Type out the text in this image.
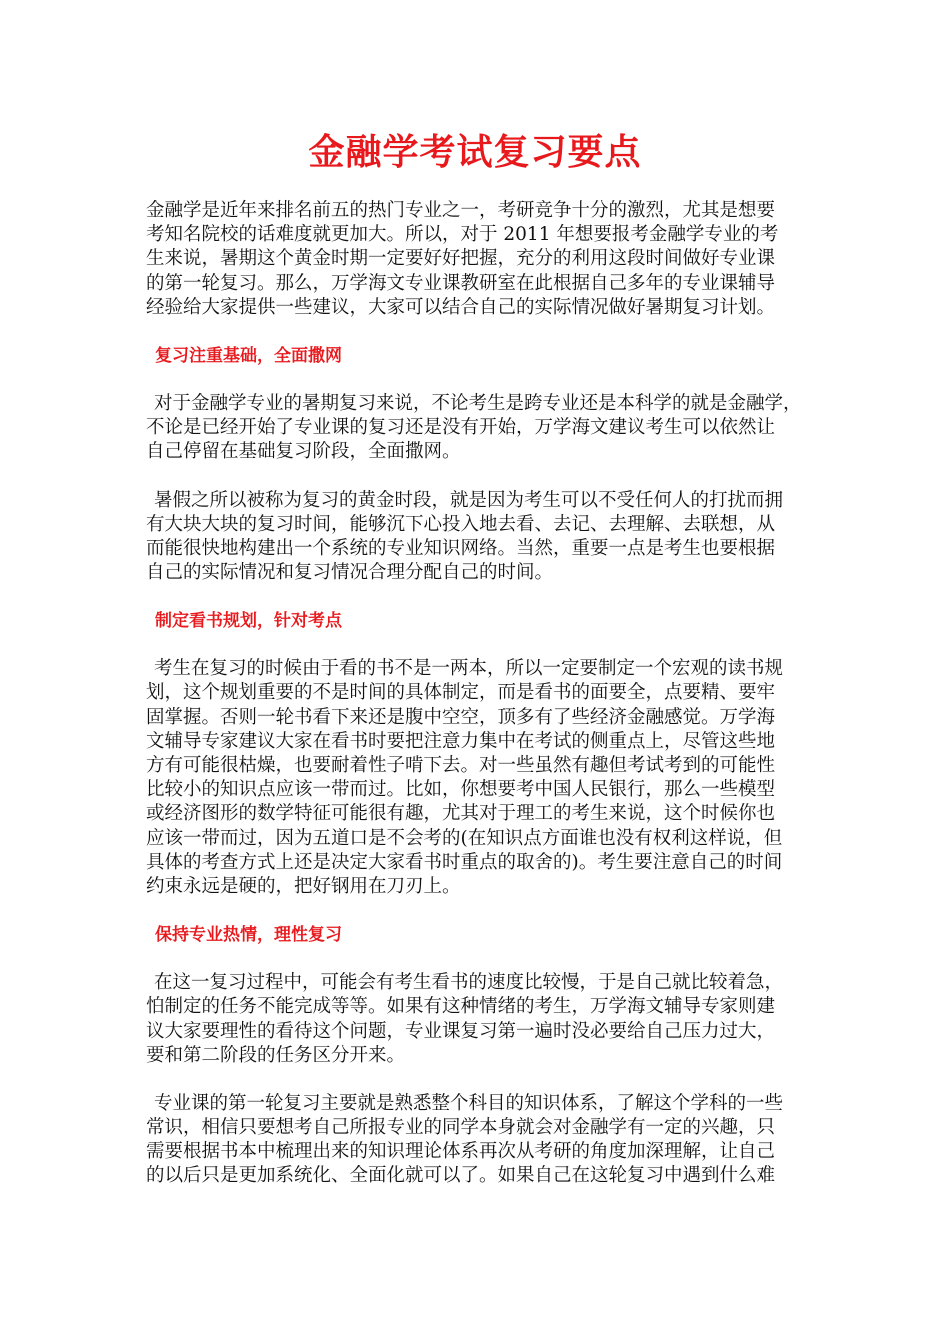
金融学考试复习要点
金融学是近年来排名前五的热门专业之一，考研竞争十分的激烈，尤其是想要
考知名院校的话难度就更加大。所以，对于 2011 年想要报考金融学专业的考
生来说，暑期这个黄金时期一定要好好把握，充分的利用这段时间做好专业课
的第一轮复习。那么，万学海文专业课教研室在此根据自己多年的专业课辅导
经验给大家提供一些建议，大家可以结合自己的实际情况做好暑期复习计划。
复习注重基础，全面撒网
对于金融学专业的暑期复习来说，不论考生是跨专业还是本科学的就是金融学，
不论是已经开始了专业课的复习还是没有开始，万学海文建议考生可以依然让
自己停留在基础复习阶段，全面撒网。
暑假之所以被称为复习的黄金时段，就是因为考生可以不受任何人的打扰而拥
有大块大块的复习时间，能够沉下心投入地去看、去记、去理解、去联想，从
而能很快地构建出一个系统的专业知识网络。当然，重要一点是考生也要根据
自己的实际情况和复习情况合理分配自己的时间。
制定看书规划，针对考点
考生在复习的时候由于看的书不是一两本，所以一定要制定一个宏观的读书规
划，这个规划重要的不是时间的具体制定，而是看书的面要全，点要精、要牢
固掌握。否则一轮书看下来还是腹中空空，顶多有了些经济金融感觉。万学海
文辅导专家建议大家在看书时要把注意力集中在考试的侧重点上，尽管这些地
方有可能很枯燥，也要耐着性子啃下去。对一些虽然有趣但考试考到的可能性
比较小的知识点应该一带而过。比如，你想要考中国人民银行，那么一些模型
或经济图形的数学特征可能很有趣，尤其对于理工的考生来说，这个时候你也
应该一带而过，因为五道口是不会考的(在知识点方面谁也没有权利这样说，但
具体的考查方式上还是决定大家看书时重点的取舍的)。考生要注意自己的时间
约束永远是硬的，把好钢用在刀刃上。
保持专业热情，理性复习
在这一复习过程中，可能会有考生看书的速度比较慢，于是自己就比较着急，
怕制定的任务不能完成等等。如果有这种情绪的考生，万学海文辅导专家则建
议大家要理性的看待这个问题，专业课复习第一遍时没必要给自己压力过大，
要和第二阶段的任务区分开来。
专业课的第一轮复习主要就是熟悉整个科目的知识体系，了解这个学科的一些
常识，相信只要想考自己所报专业的同学本身就会对金融学有一定的兴趣，只
需要根据书本中梳理出来的知识理论体系再次从考研的角度加深理解，让自己
的以后只是更加系统化、全面化就可以了。如果自己在这轮复习中遇到什么难
